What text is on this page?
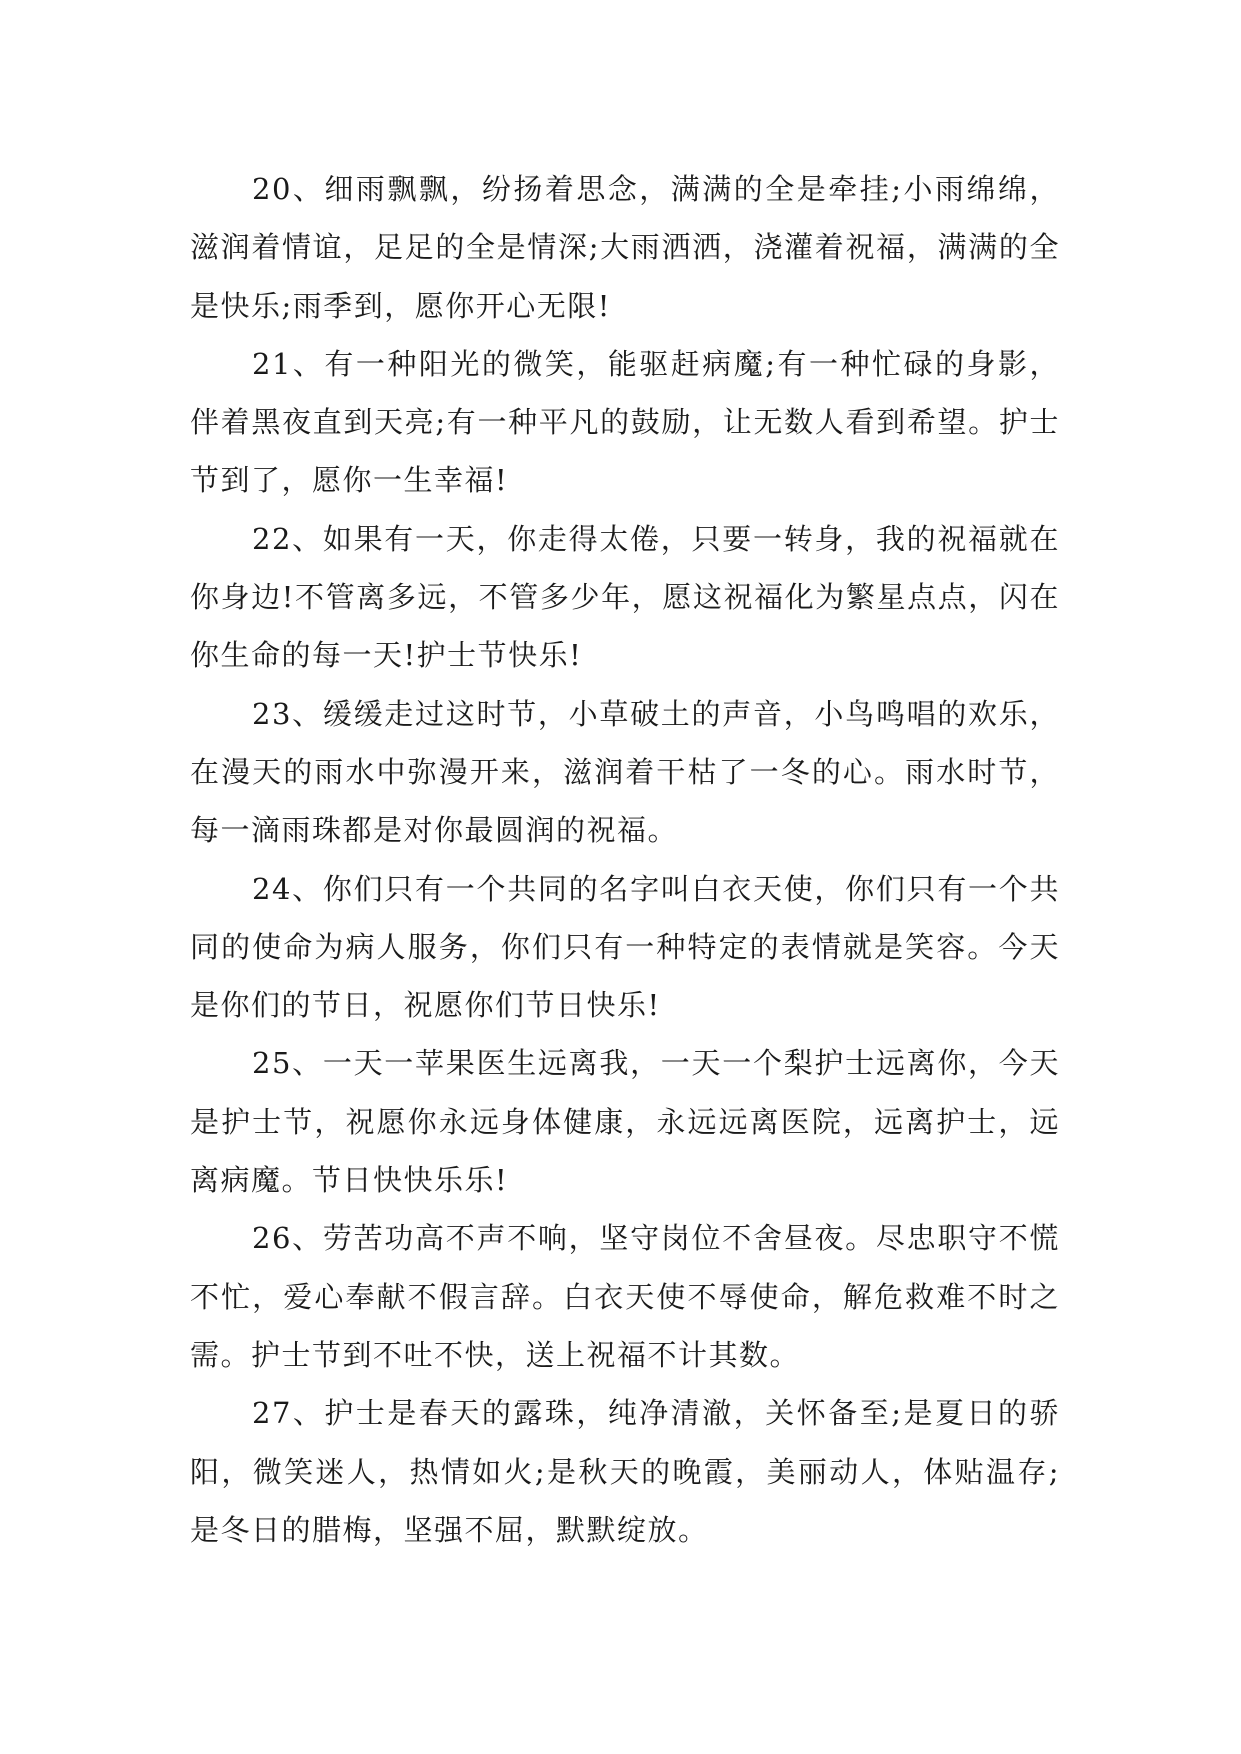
20、细雨飘飘，纷扬着思念，满满的全是牵挂;小雨绵绵，滋润着情谊，足足的全是情深;大雨洒洒，浇灌着祝福，满满的全是快乐;雨季到，愿你开心无限!

21、有一种阳光的微笑，能驱赶病魔;有一种忙碌的身影，伴着黑夜直到天亮;有一种平凡的鼓励，让无数人看到希望。护士节到了，愿你一生幸福!

22、如果有一天，你走得太倦，只要一转身，我的祝福就在你身边!不管离多远，不管多少年，愿这祝福化为繁星点点，闪在你生命的每一天!护士节快乐!

23、缓缓走过这时节，小草破土的声音，小鸟鸣唱的欢乐，在漫天的雨水中弥漫开来，滋润着干枯了一冬的心。雨水时节，每一滴雨珠都是对你最圆润的祝福。

24、你们只有一个共同的名字叫白衣天使，你们只有一个共同的使命为病人服务，你们只有一种特定的表情就是笑容。今天是你们的节日，祝愿你们节日快乐!

25、一天一苹果医生远离我，一天一个梨护士远离你，今天是护士节，祝愿你永远身体健康，永远远离医院，远离护士，远离病魔。节日快快乐乐!

26、劳苦功高不声不响，坚守岗位不舍昼夜。尽忠职守不慌不忙，爱心奉献不假言辞。白衣天使不辱使命，解危救难不时之需。护士节到不吐不快，送上祝福不计其数。

27、护士是春天的露珠，纯净清澈，关怀备至;是夏日的骄阳，微笑迷人，热情如火;是秋天的晚霞，美丽动人，体贴温存;是冬日的腊梅，坚强不屈，默默绽放。
